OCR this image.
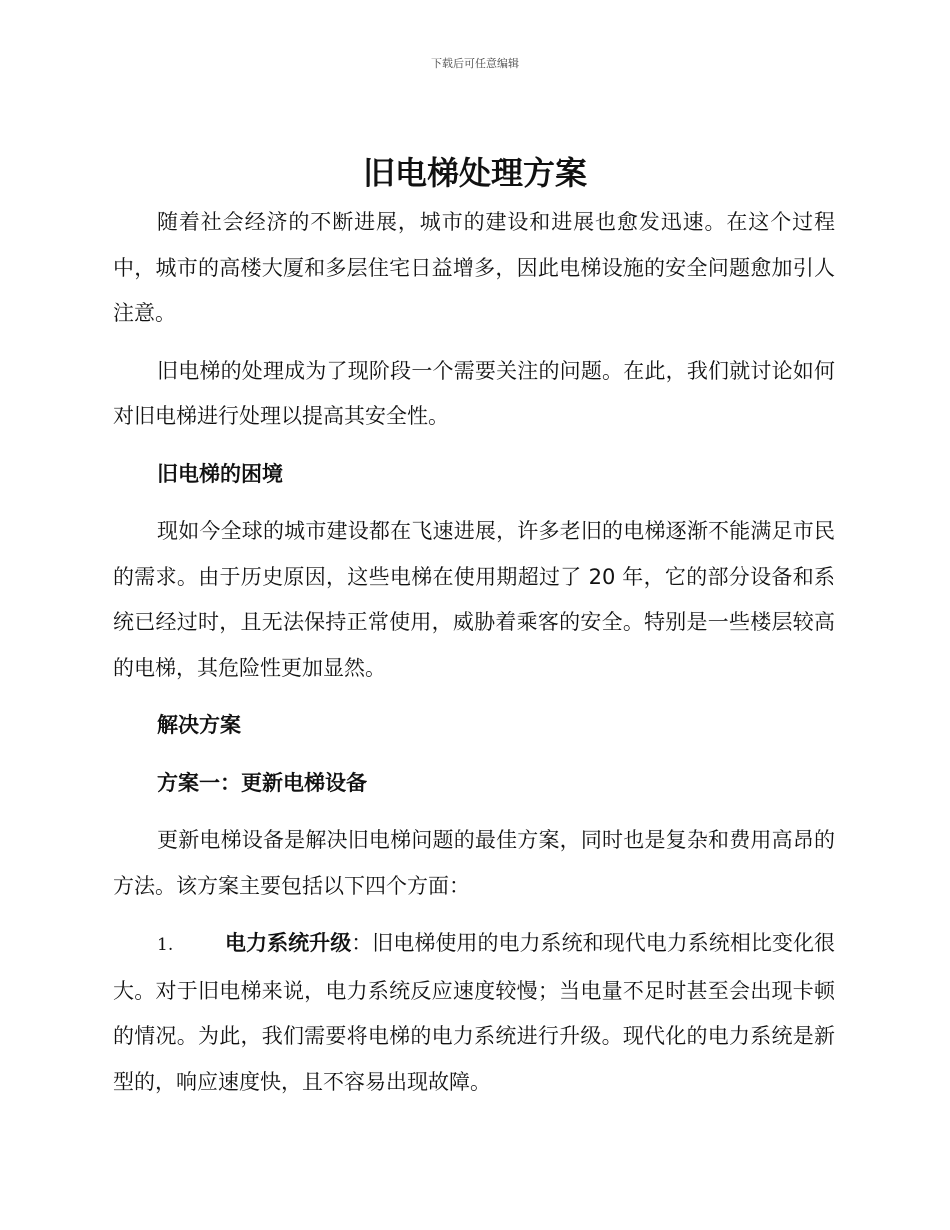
下载后可任意编辑
旧电梯处理方案

随着社会经济的不断进展，城市的建设和进展也愈发迅速。在这个过程中，城市的高楼大厦和多层住宅日益增多，因此电梯设施的安全问题愈加引人注意。

旧电梯的处理成为了现阶段一个需要关注的问题。在此，我们就讨论如何对旧电梯进行处理以提高其安全性。

旧电梯的困境

现如今全球的城市建设都在飞速进展，许多老旧的电梯逐渐不能满足市民的需求。由于历史原因，这些电梯在使用期超过了 20 年，它的部分设备和系统已经过时，且无法保持正常使用，威胁着乘客的安全。特别是一些楼层较高的电梯，其危险性更加显然。

解决方案
方案一：更新电梯设备

更新电梯设备是解决旧电梯问题的最佳方案，同时也是复杂和费用高昂的方法。该方案主要包括以下四个方面：

1. 电力系统升级：旧电梯使用的电力系统和现代电力系统相比变化很大。对于旧电梯来说，电力系统反应速度较慢；当电量不足时甚至会出现卡顿的情况。为此，我们需要将电梯的电力系统进行升级。现代化的电力系统是新型的，响应速度快，且不容易出现故障。
